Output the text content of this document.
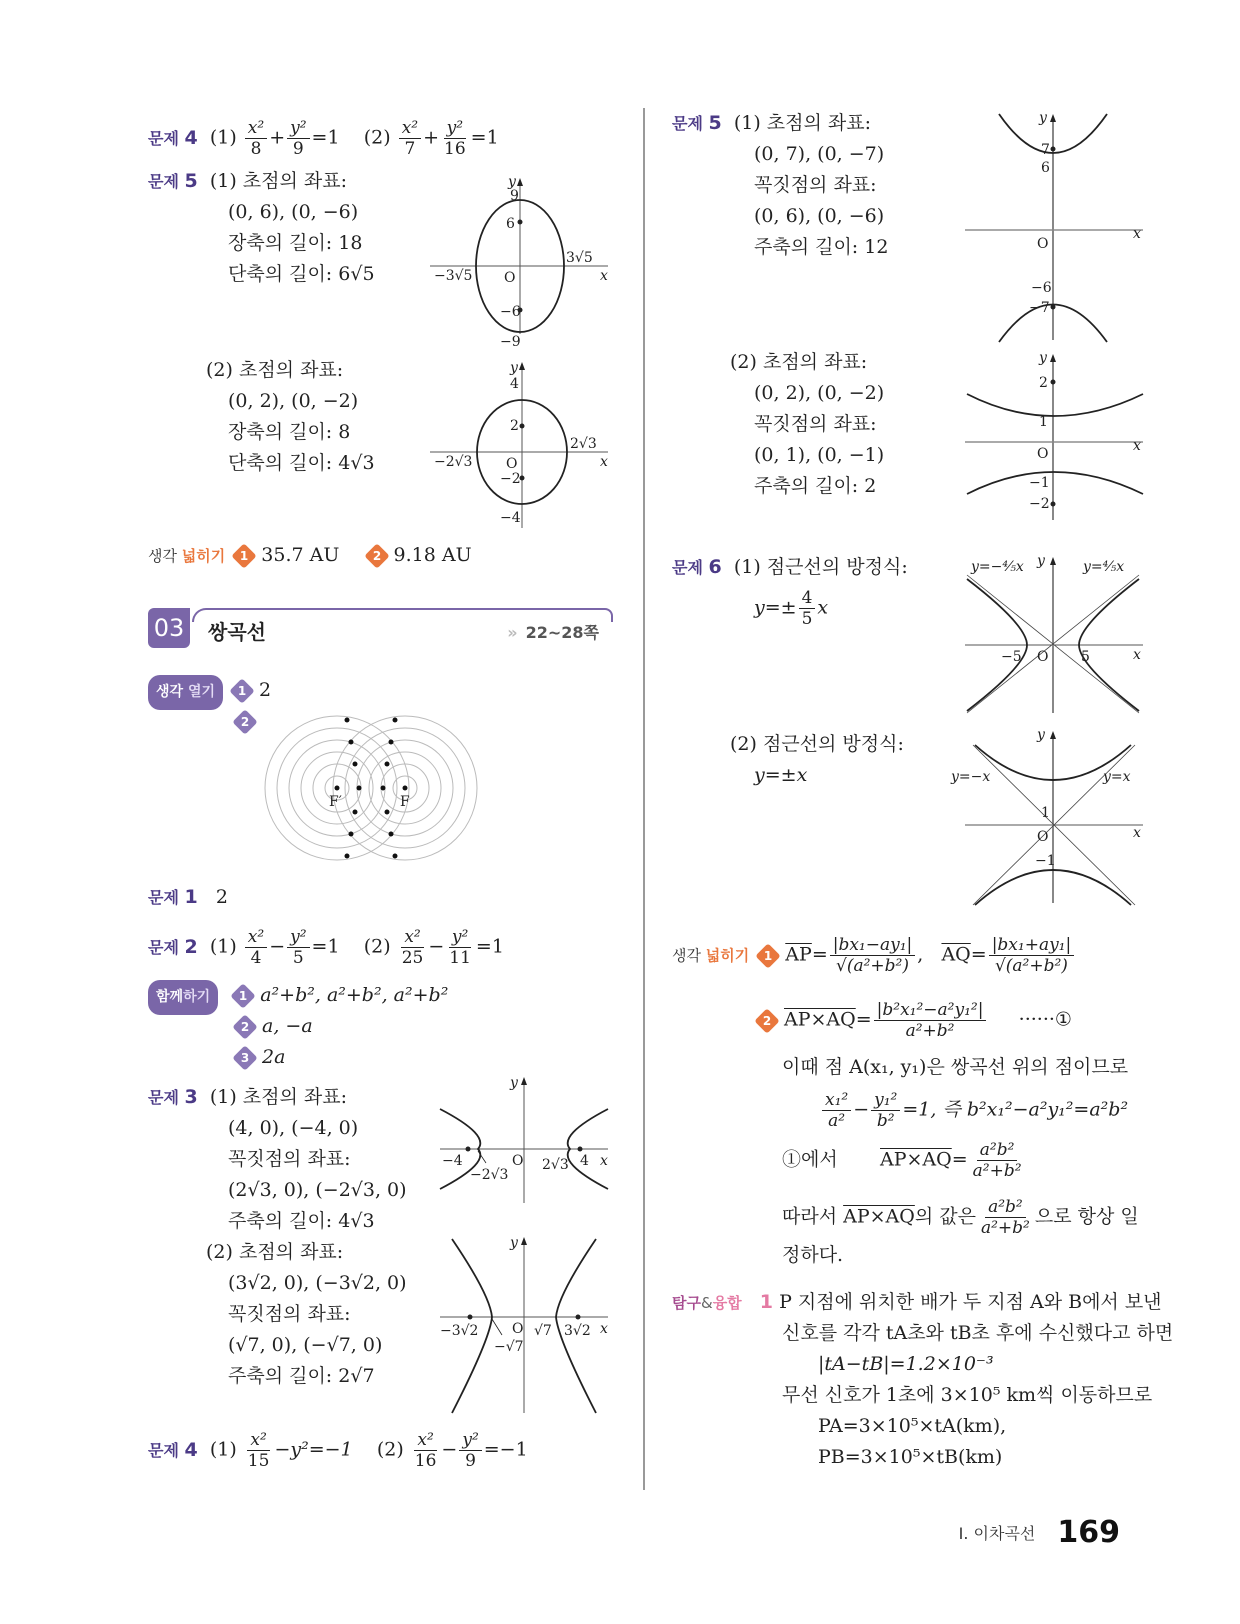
문제 4 $(1) \frac{\text{x²}}{8} + \frac{\text{y²}}{9} =1$ $(2) \frac{\text{x²}}{7} + \frac{\text{y²}}{16} =1$
문제 5 (1) 초점의 좌표:
(0, 6), (0, −6)
장축의 길이: 18
단축의 길이: 6√5
y
9
6
3√5
−3√5 O	x
−6
−9
(2) 초점의 좌표:
(0, 2), (0, −2)
장축의 길이: 8
단축의 길이: 4√3
y
4
2
2√3
−2√3 O	x
−2
−4
생각 넓히기	1 35.7 AU	2 9.18 AU
03 쌍곡선	» 22~28쪽
생각 열기	1 2
2
F′	F
문제 1 2
문제 2 $(1) \frac{\text{x²}}{4} - \frac{\text{y²}}{5} =1$ $(2) \frac{\text{x²}}{25} - \frac{\text{y²}}{11} =1$
함께하기	1 a²+b², a²+b², a²+b²
2 a, −a
3 2a
문제 3 (1) 초점의 좌표:
(4, 0), (−4, 0)
꼭짓점의 좌표:
(2√3, 0), (−2√3, 0)
주축의 길이: 4√3
y
−4
−2√3
O 2√3 4 x
(2) 초점의 좌표:
(3√2, 0), (−3√2, 0)
꼭짓점의 좌표:
(√7, 0), (−√7, 0)
주축의 길이: 2√7
y
−3√2
−√7
O √7 3√2 x
문제 4 $(1) \frac{\text{x²}}{15} -y^2=-1$ $(2) \frac{\text{x²}}{16} - \frac{\text{y²}}{9} =-1$
문제 5 (1) 초점의 좌표:
(0, 7), (0, −7)
꼭짓점의 좌표:
(0, 6), (0, −6)
주축의 길이: 12
y
7
6
O
x
−6
−7
(2) 초점의 좌표:
(0, 2), (0, −2)
꼭짓점의 좌표:
(0, 1), (0, −1)
주축의 길이: 2
y
2
1
O	x
−1
−2
문제 6 (1) 점근선의 방정식:
$y=\pm \frac{4}{5}$ x
y
y=−⁴⁄₅x	y=⁴⁄₅x
−5 O 5	x
(2) 점근선의 방정식:
y=±x
y
y=−x	y=x
1
O
−1
x
생각 넓히기	1 $\overline{AP}= \frac{\text{|bx₁−ay₁|}}{\text{√(a²+b²)}}$ ,   $\overline{AQ}= \frac{\text{|bx₁+ay₁|}}{\text{√(a²+b²)}}$
2 $AP\times AQ= \frac{\text{|b²x₁²−a²y₁²|}}{\text{a²+b²}}$ ······①
이때 점 A(x₁, y₁)은 쌍곡선 위의 점이므로
$\frac{\text{x₁²}}{\text{a²}} - \frac{\text{y₁²}}{\text{b²}} =1$, 즉 b²x₁²−a²y₁²=a²b²
①에서 $AP\times AQ= \frac{\text{a²b²}}{\text{a²+b²}}$
따라서 AP×AQ의 값은 $\frac{\text{a²b²}}{\text{a²+b²}}$ 으로 항상 일
정하다.
탐구&융합 1 P 지점에 위치한 배가 두 지점 A와 B에서 보낸
신호를 각각 tA초와 tB초 후에 수신했다고 하면
|tA−tB|=1.2×10⁻³
무선 신호가 1초에 3×10⁵ km씩 이동하므로
PA=3×10⁵×tA(km),
PB=3×10⁵×tB(km)
Ⅰ. 이차곡선 169
